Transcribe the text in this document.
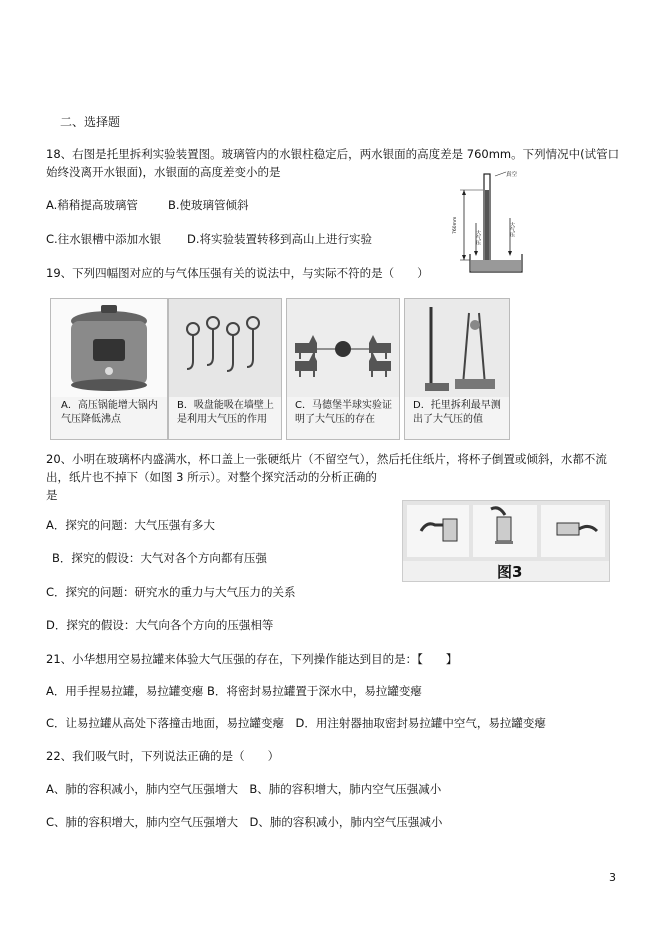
二、选择题
18、右图是托里拆利实验装置图。玻璃管内的水银柱稳定后，两水银面的高度差是 760mm。下列情况中(试管口
始终没离开水银面)，水银面的高度差变小的是
A.稍稍提高玻璃管	B.使玻璃管倾斜
C.往水银槽中添加水银 D.将实验装置转移到高山上进行实验
真空
760mm
大气压
大气压
19、下列四幅图对应的与气体压强有关的说法中，与实际不符的是（　　）
A．高压锅能增大锅内气压降低沸点
B．吸盘能吸在墙壁上是利用大气压的作用
C．马德堡半球实验证明了大气压的存在
D．托里拆利最早测出了大气压的值
20、小明在玻璃杯内盛满水，杯口盖上一张硬纸片（不留空气），然后托住纸片，将杯子倒置或倾斜，水都不流
出，纸片也不掉下（如图 3 所示）。对整个探究活动的分析正确的
是
A．探究的问题：大气压强有多大
B．探究的假设：大气对各个方向都有压强
C．探究的问题：研究水的重力与大气压力的关系
D．探究的假设：大气向各个方向的压强相等
图3
21、小华想用空易拉罐来体验大气压强的存在，下列操作能达到目的是：【　　】
A．用手捏易拉罐，易拉罐变瘪 B．将密封易拉罐置于深水中，易拉罐变瘪
C．让易拉罐从高处下落撞击地面，易拉罐变瘪　D．用注射器抽取密封易拉罐中空气，易拉罐变瘪
22、我们吸气时，下列说法正确的是（　　）
A、肺的容积减小，肺内空气压强增大　B、肺的容积增大，肺内空气压强减小
C、肺的容积增大，肺内空气压强增大　D、肺的容积减小，肺内空气压强减小
3
